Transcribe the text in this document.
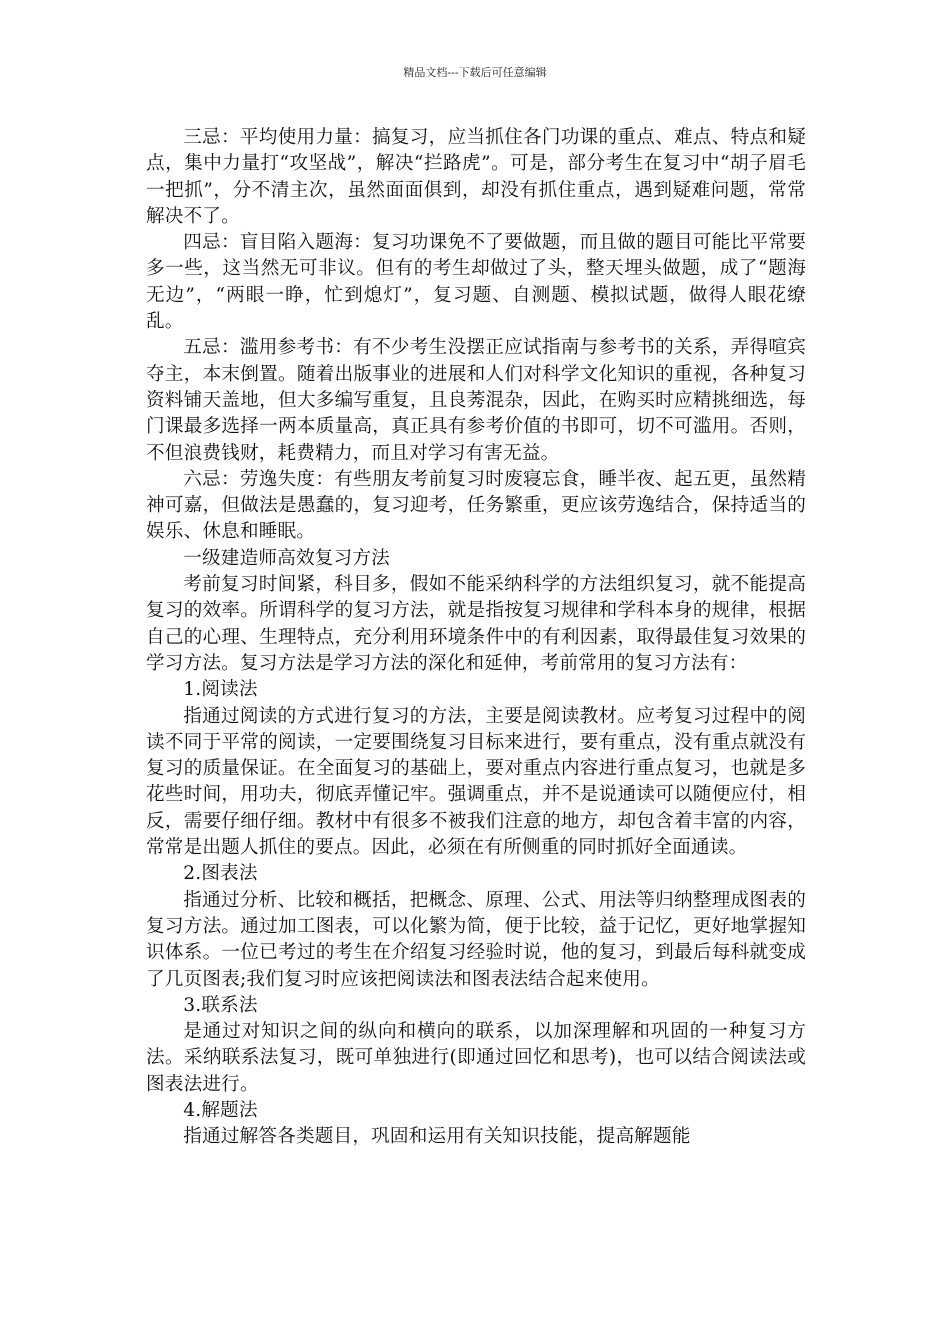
精品文档---下载后可任意编辑

三忌：平均使用力量：搞复习，应当抓住各门功课的重点、难点、特点和疑点，集中力量打“攻坚战”，解决“拦路虎”。可是，部分考生在复习中“胡子眉毛一把抓”，分不清主次，虽然面面俱到，却没有抓住重点，遇到疑难问题，常常解决不了。

四忌：盲目陷入题海：复习功课免不了要做题，而且做的题目可能比平常要多一些，这当然无可非议。但有的考生却做过了头，整天埋头做题，成了“题海无边”，“两眼一睁，忙到熄灯”，复习题、自测题、模拟试题，做得人眼花缭乱。

五忌：滥用参考书：有不少考生没摆正应试指南与参考书的关系，弄得喧宾夺主，本末倒置。随着出版事业的进展和人们对科学文化知识的重视，各种复习资料铺天盖地，但大多编写重复，且良莠混杂，因此，在购买时应精挑细选，每门课最多选择一两本质量高，真正具有参考价值的书即可，切不可滥用。否则，不但浪费钱财，耗费精力，而且对学习有害无益。

六忌：劳逸失度：有些朋友考前复习时废寝忘食，睡半夜、起五更，虽然精神可嘉，但做法是愚蠢的，复习迎考，任务繁重，更应该劳逸结合，保持适当的娱乐、休息和睡眠。

一级建造师高效复习方法

考前复习时间紧，科目多，假如不能采纳科学的方法组织复习，就不能提高复习的效率。所谓科学的复习方法，就是指按复习规律和学科本身的规律，根据自己的心理、生理特点，充分利用环境条件中的有利因素，取得最佳复习效果的学习方法。复习方法是学习方法的深化和延伸，考前常用的复习方法有：

1.阅读法

指通过阅读的方式进行复习的方法，主要是阅读教材。应考复习过程中的阅读不同于平常的阅读，一定要围绕复习目标来进行，要有重点，没有重点就没有复习的质量保证。在全面复习的基础上，要对重点内容进行重点复习，也就是多花些时间，用功夫，彻底弄懂记牢。强调重点，并不是说通读可以随便应付，相反，需要仔细仔细。教材中有很多不被我们注意的地方，却包含着丰富的内容，常常是出题人抓住的要点。因此，必须在有所侧重的同时抓好全面通读。

2.图表法

指通过分析、比较和概括，把概念、原理、公式、用法等归纳整理成图表的复习方法。通过加工图表，可以化繁为简，便于比较，益于记忆，更好地掌握知识体系。一位已考过的考生在介绍复习经验时说，他的复习，到最后每科就变成了几页图表;我们复习时应该把阅读法和图表法结合起来使用。

3.联系法

是通过对知识之间的纵向和横向的联系，以加深理解和巩固的一种复习方法。采纳联系法复习，既可单独进行(即通过回忆和思考)，也可以结合阅读法或图表法进行。

4.解题法

指通过解答各类题目，巩固和运用有关知识技能，提高解题能
